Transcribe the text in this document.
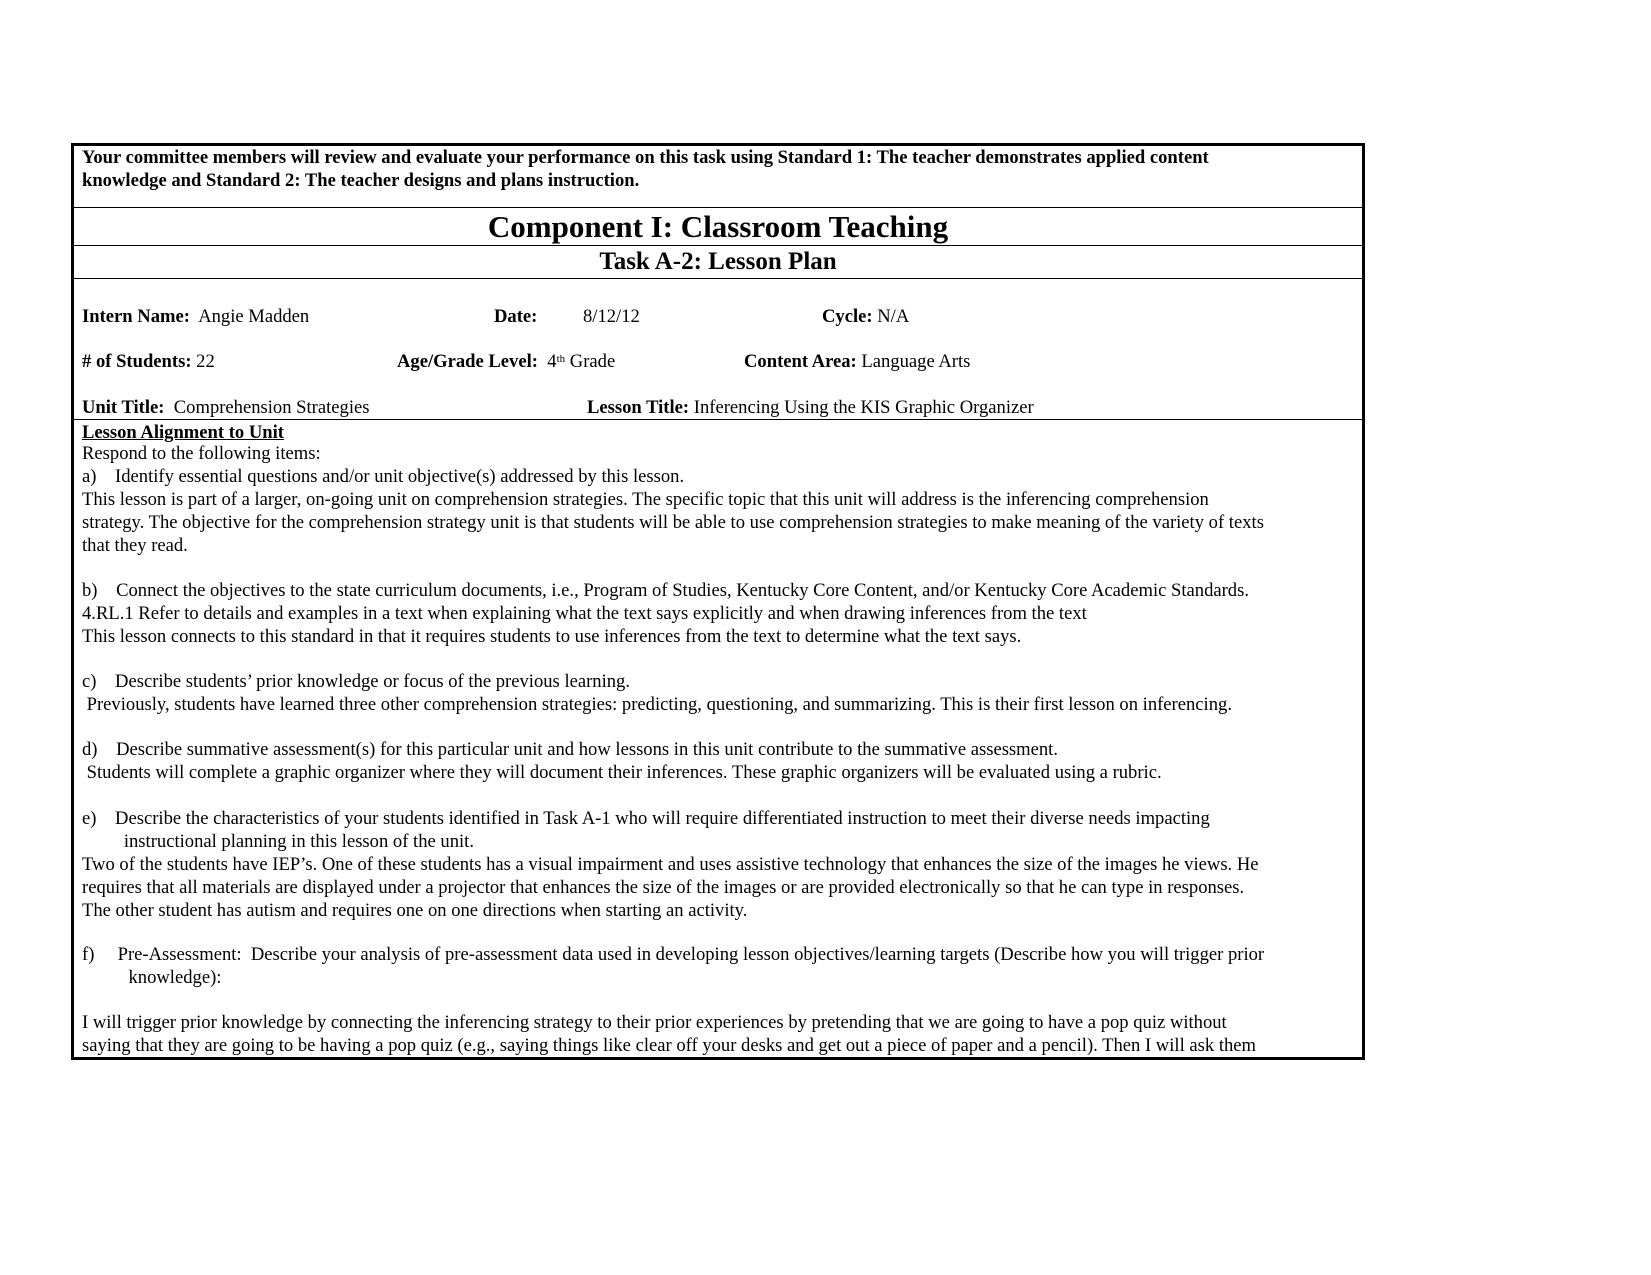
Your committee members will review and evaluate your performance on this task using Standard 1: The teacher demonstrates applied content
knowledge and Standard 2: The teacher designs and plans instruction.
Component I: Classroom Teaching
Task A-2: Lesson Plan
Intern Name: Angie Madden	Date: 8/12/12	Cycle: N/A
# of Students: 22	Age/Grade Level: 4th Grade	Content Area: Language Arts
Unit Title: Comprehension Strategies	Lesson Title: Inferencing Using the KIS Graphic Organizer
Lesson Alignment to Unit
Respond to the following items:
a)    Identify essential questions and/or unit objective(s) addressed by this lesson.
This lesson is part of a larger, on-going unit on comprehension strategies. The specific topic that this unit will address is the inferencing comprehension
strategy. The objective for the comprehension strategy unit is that students will be able to use comprehension strategies to make meaning of the variety of texts
that they read.
b)    Connect the objectives to the state curriculum documents, i.e., Program of Studies, Kentucky Core Content, and/or Kentucky Core Academic Standards.
4.RL.1 Refer to details and examples in a text when explaining what the text says explicitly and when drawing inferences from the text
This lesson connects to this standard in that it requires students to use inferences from the text to determine what the text says.
c)    Describe students’ prior knowledge or focus of the previous learning.
Previously, students have learned three other comprehension strategies: predicting, questioning, and summarizing. This is their first lesson on inferencing.
d)    Describe summative assessment(s) for this particular unit and how lessons in this unit contribute to the summative assessment.
Students will complete a graphic organizer where they will document their inferences. These graphic organizers will be evaluated using a rubric.
e)    Describe the characteristics of your students identified in Task A-1 who will require differentiated instruction to meet their diverse needs impacting
instructional planning in this lesson of the unit.
Two of the students have IEP’s. One of these students has a visual impairment and uses assistive technology that enhances the size of the images he views. He
requires that all materials are displayed under a projector that enhances the size of the images or are provided electronically so that he can type in responses.
The other student has autism and requires one on one directions when starting an activity.
f)     Pre-Assessment:  Describe your analysis of pre-assessment data used in developing lesson objectives/learning targets (Describe how you will trigger prior
knowledge):
I will trigger prior knowledge by connecting the inferencing strategy to their prior experiences by pretending that we are going to have a pop quiz without
saying that they are going to be having a pop quiz (e.g., saying things like clear off your desks and get out a piece of paper and a pencil). Then I will ask them
